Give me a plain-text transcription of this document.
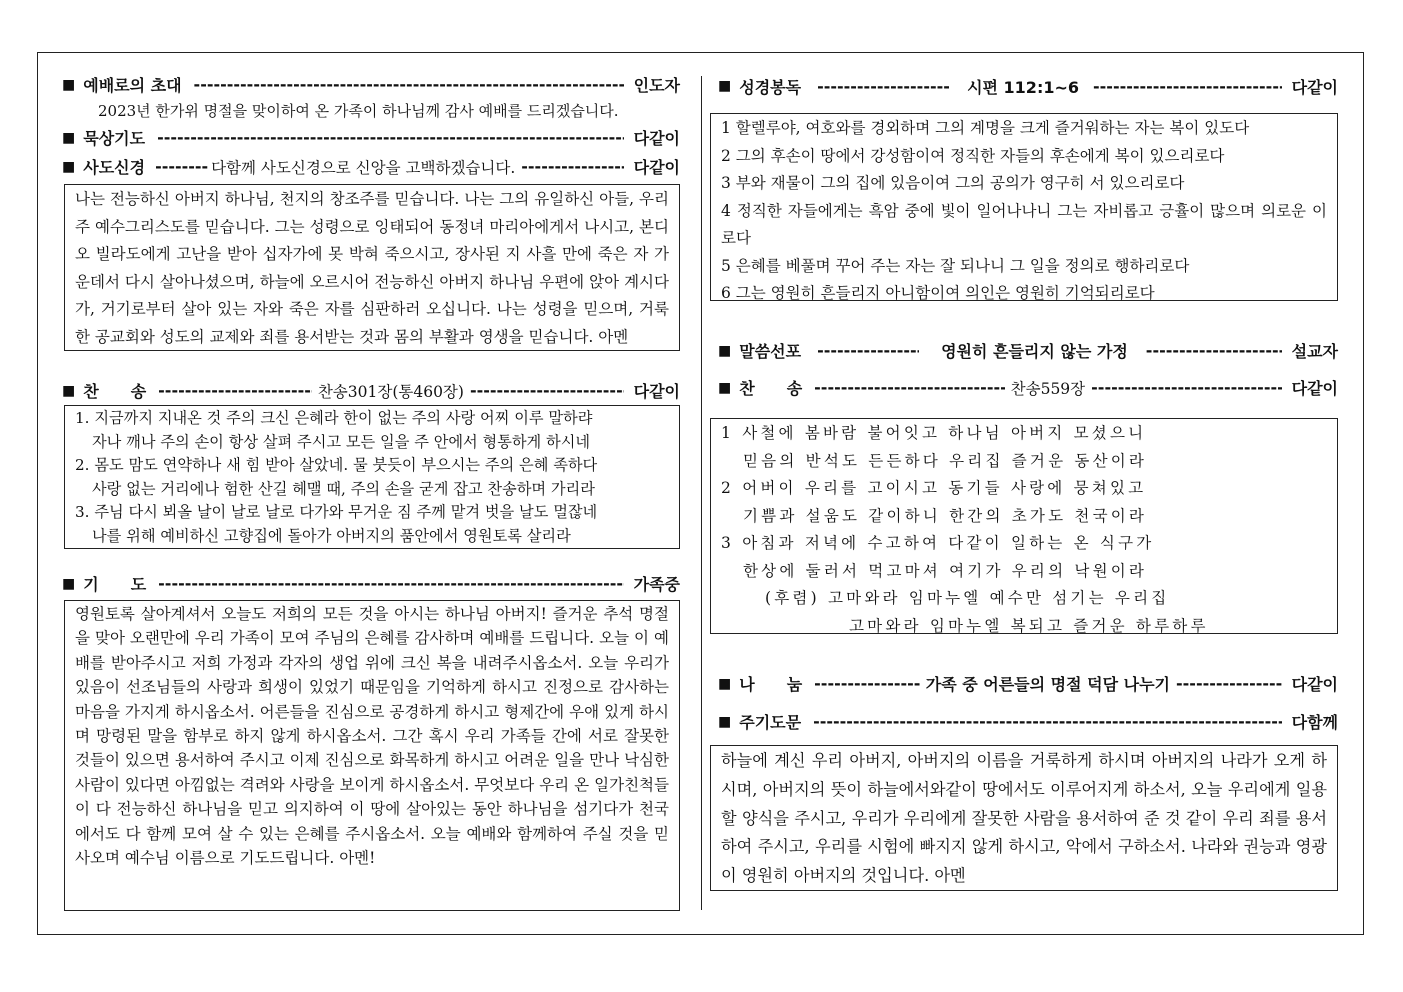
■ 예배로의 초대 -----	인도자
2023년 한가위 명절을 맞이하여 온 가족이 하나님께 감사 예배를 드리겠습니다.
■ 묵상기도 -----	다같이
■ 사도신경 -----	다함께 사도신경으로 신앙을 고백하겠습니다. -----	다같이

나는 전능하신 아버지 하나님, 천지의 창조주를 믿습니다. 나는 그의 유일하신 아들, 우리 주 예수그리스도를 믿습니다. 그는 성령으로 잉태되어 동정녀 마리아에게서 나시고, 본디오 빌라도에게 고난을 받아 십자가에 못 박혀 죽으시고, 장사된 지 사흘 만에 죽은 자 가운데서 다시 살아나셨으며, 하늘에 오르시어 전능하신 아버지 하나님 우편에 앉아 계시다가, 거기로부터 살아 있는 자와 죽은 자를 심판하러 오십니다. 나는 성령을 믿으며, 거룩한 공교회와 성도의 교제와 죄를 용서받는 것과 몸의 부활과 영생을 믿습니다. 아멘

■ 찬　　송 -----	찬송301장(통460장) -----	다같이

1. 지금까지 지내온 것 주의 크신 은혜라 한이 없는 주의 사랑 어찌 이루 말하랴

자나 깨나 주의 손이 항상 살펴 주시고 모든 일을 주 안에서 형통하게 하시네

2. 몸도 맘도 연약하나 새 힘 받아 살았네. 물 붓듯이 부으시는 주의 은혜 족하다

사랑 없는 거리에나 험한 산길 헤맬 때, 주의 손을 굳게 잡고 찬송하며 가리라

3. 주님 다시 뵈올 날이 날로 날로 다가와 무거운 짐 주께 맡겨 벗을 날도 멀잖네

나를 위해 예비하신 고향집에 돌아가 아버지의 품안에서 영원토록 살리라

■ 기　　도 -----	가족중

영원토록 살아계셔서 오늘도 저희의 모든 것을 아시는 하나님 아버지! 즐거운 추석 명절을 맞아 오랜만에 우리 가족이 모여 주님의 은혜를 감사하며 예배를 드립니다. 오늘 이 예배를 받아주시고 저희 가정과 각자의 생업 위에 크신 복을 내려주시옵소서. 오늘 우리가 있음이 선조님들의 사랑과 희생이 있었기 때문임을 기억하게 하시고 진정으로 감사하는 마음을 가지게 하시옵소서. 어른들을 진심으로 공경하게 하시고 형제간에 우애 있게 하시며 망령된 말을 함부로 하지 않게 하시옵소서. 그간 혹시 우리 가족들 간에 서로 잘못한 것들이 있으면 용서하여 주시고 이제 진심으로 화목하게 하시고 어려운 일을 만나 낙심한 사람이 있다면 아낌없는 격려와 사랑을 보이게 하시옵소서. 무엇보다 우리 온 일가친척들이 다 전능하신 하나님을 믿고 의지하여 이 땅에 살아있는 동안 하나님을 섬기다가 천국에서도 다 함께 모여 살 수 있는 은혜를 주시옵소서. 오늘 예배와 함께하여 주실 것을 믿사오며 예수님 이름으로 기도드립니다. 아멘!

■ 성경봉독 -----	시편 112:1~6 -----	다같이

1 할렐루야, 여호와를 경외하며 그의 계명을 크게 즐거워하는 자는 복이 있도다

2 그의 후손이 땅에서 강성함이여 정직한 자들의 후손에게 복이 있으리로다

3 부와 재물이 그의 집에 있음이여 그의 공의가 영구히 서 있으리로다

4 정직한 자들에게는 흑암 중에 빛이 일어나나니 그는 자비롭고 긍휼이 많으며 의로운 이로다

5 은혜를 베풀며 꾸어 주는 자는 잘 되나니 그 일을 정의로 행하리로다

6 그는 영원히 흔들리지 아니함이여 의인은 영원히 기억되리로다

■ 말씀선포 -----	영원히 흔들리지 않는 가정 -----	설교자
■ 찬　　송 -----	찬송559장 -----	다같이

1 사철에 봄바람 불어잇고 하나님 아버지 모셨으니

믿음의 반석도 든든하다 우리집 즐거운 동산이라

2 어버이 우리를 고이시고 동기들 사랑에 뭉쳐있고

기쁨과 설움도 같이하니 한간의 초가도 천국이라

3 아침과 저녁에 수고하여 다같이 일하는 온 식구가

한상에 둘러서 먹고마셔 여기가 우리의 낙원이라

(후렴) 고마와라 임마누엘 예수만 섬기는 우리집

고마와라 임마누엘 복되고 즐거운 하루하루

■ 나　　눔 -----	가족 중 어른들의 명절 덕담 나누기 -----	다같이
■ 주기도문 -----	다함께

하늘에 계신 우리 아버지, 아버지의 이름을 거룩하게 하시며 아버지의 나라가 오게 하시며, 아버지의 뜻이 하늘에서와같이 땅에서도 이루어지게 하소서, 오늘 우리에게 일용할 양식을 주시고, 우리가 우리에게 잘못한 사람을 용서하여 준 것 같이 우리 죄를 용서하여 주시고, 우리를 시험에 빠지지 않게 하시고, 악에서 구하소서. 나라와 권능과 영광이 영원히 아버지의 것입니다. 아멘
